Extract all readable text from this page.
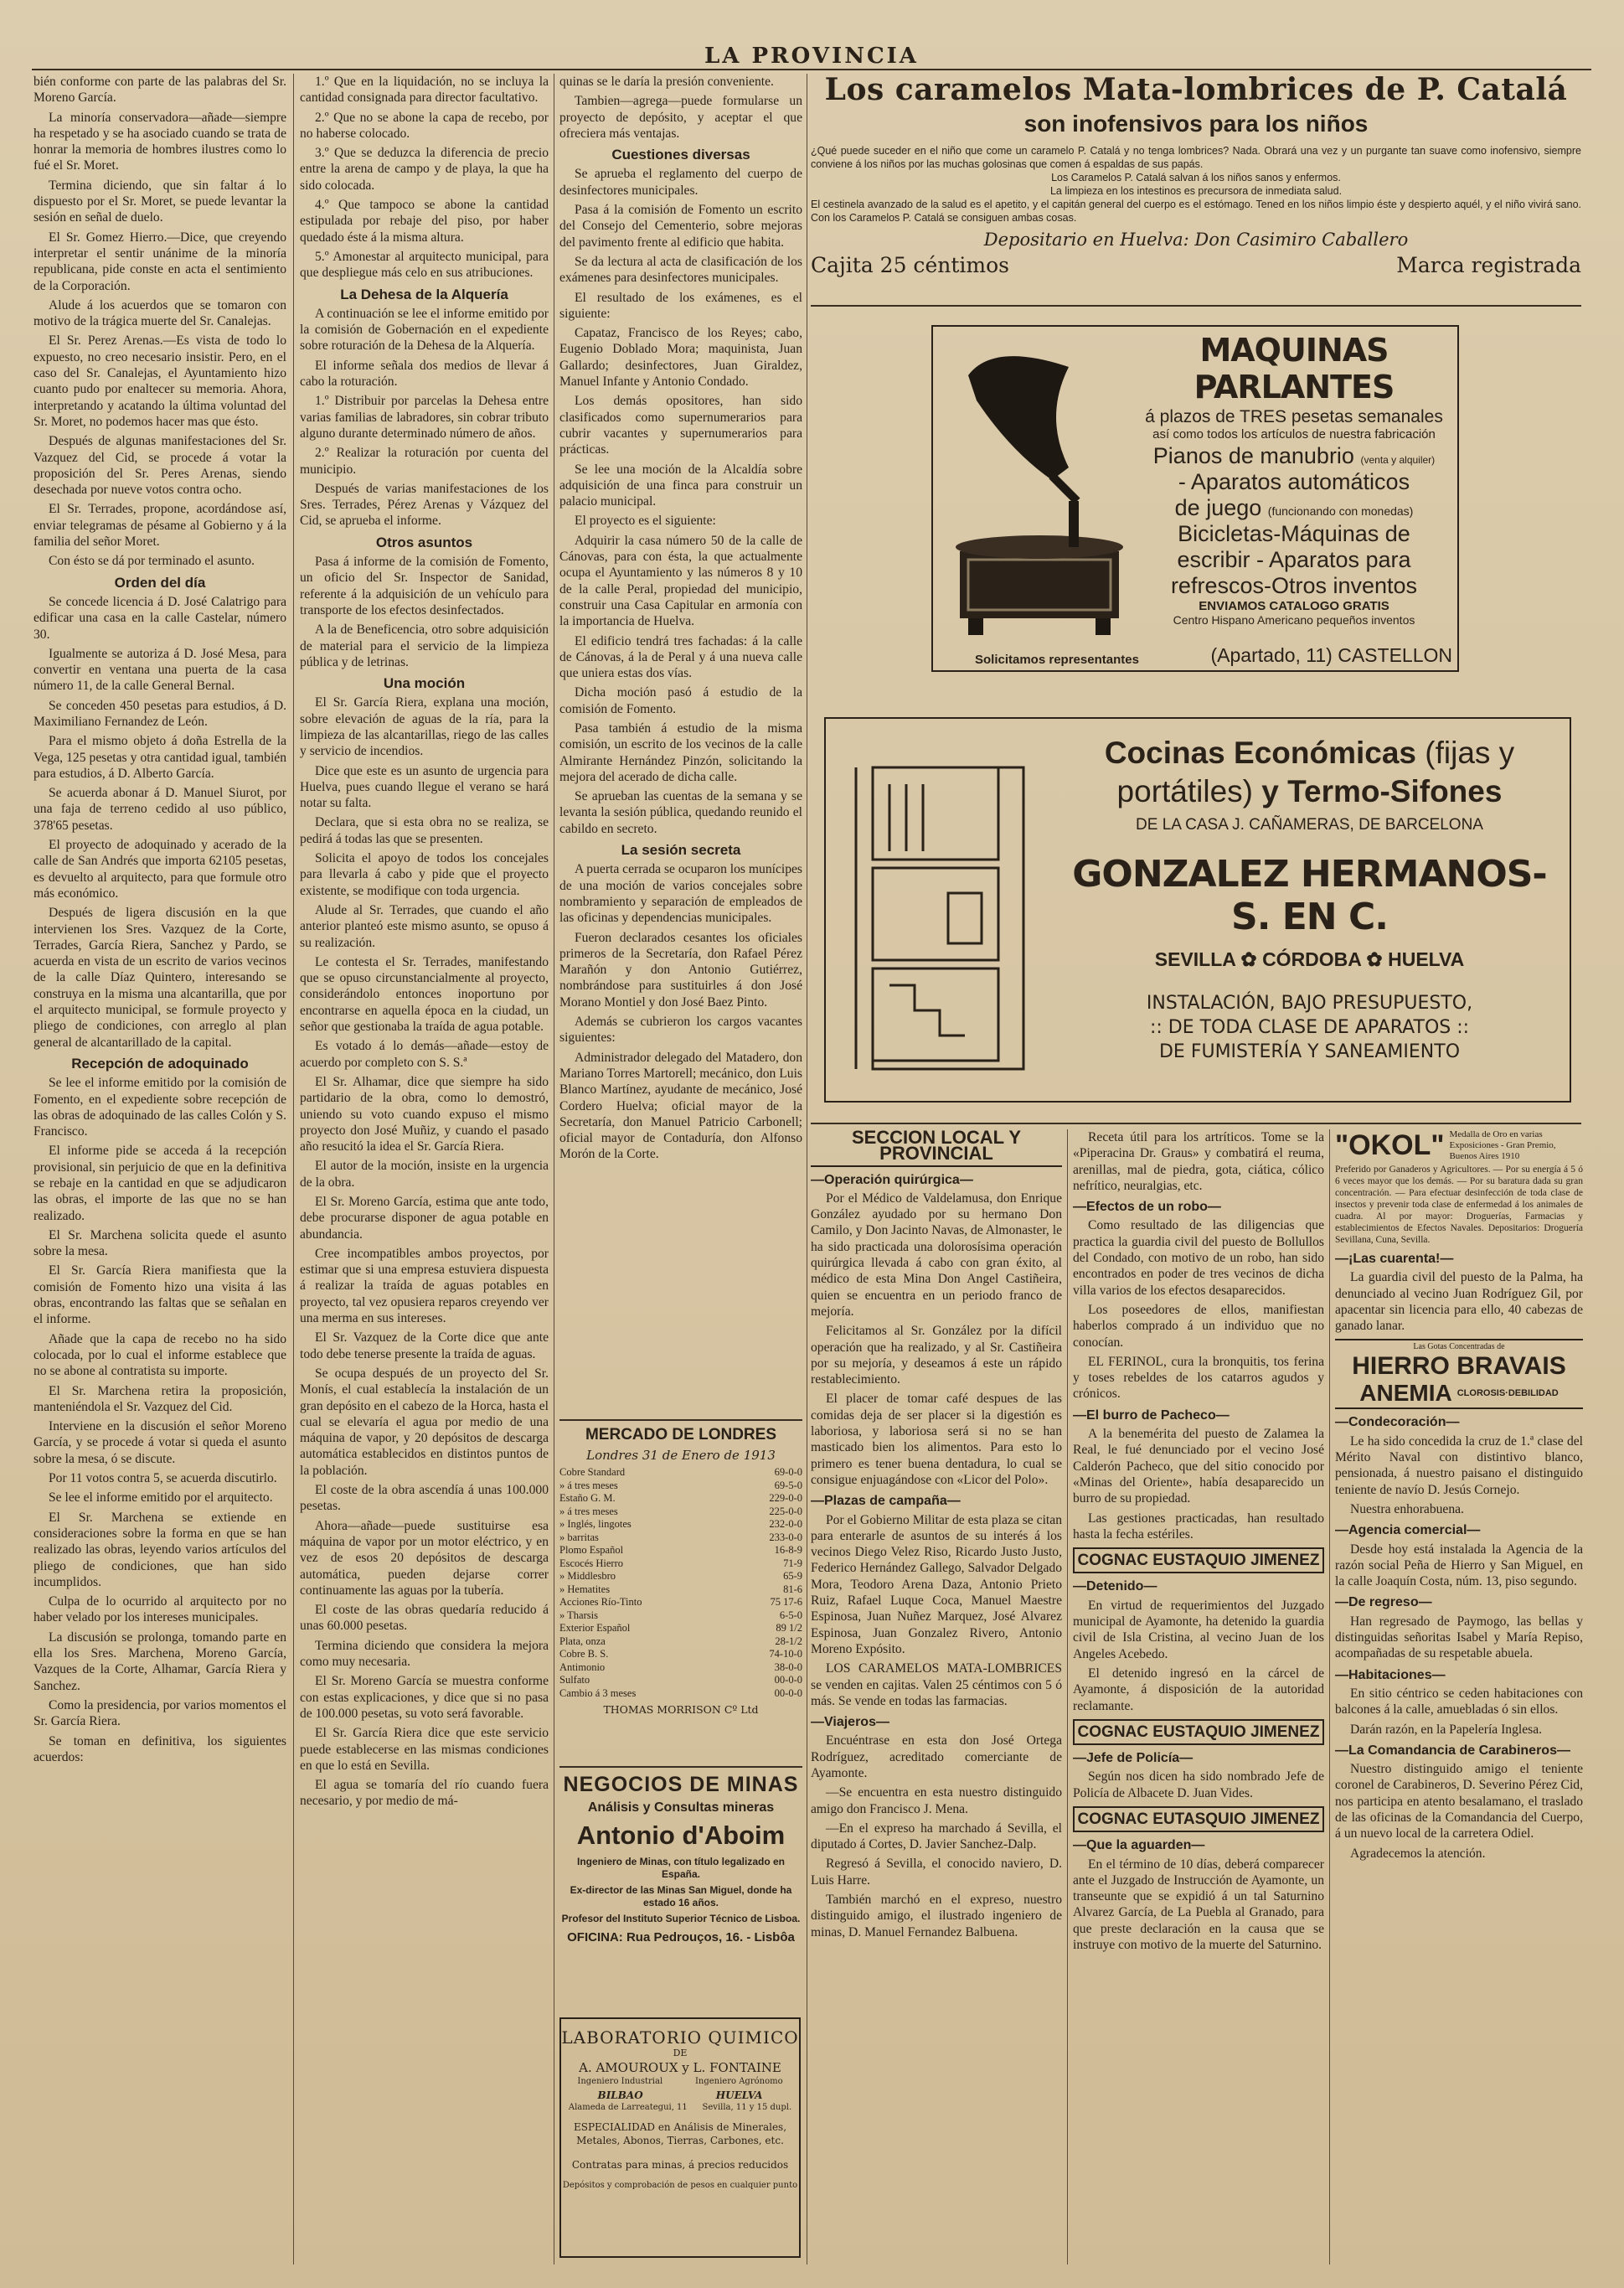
LA PROVINCIA

bién conforme con parte de las palabras del Sr. Moreno García.

La minoría conservadora—añade—siempre ha respetado y se ha asociado cuando se trata de honrar la memoria de hombres ilustres como lo fué el Sr. Moret.

Termina diciendo, que sin faltar á lo dispuesto por el Sr. Moret, se puede levantar la sesión en señal de duelo.

El Sr. Gomez Hierro.—Dice, que creyendo interpretar el sentir unánime de la minoría republicana, pide conste en acta el sentimiento de la Corporación.

Alude á los acuerdos que se tomaron con motivo de la trágica muerte del Sr. Canalejas.

El Sr. Perez Arenas.—Es vista de todo lo expuesto, no creo necesario insistir. Pero, en el caso del Sr. Canalejas, el Ayuntamiento hizo cuanto pudo por enaltecer su memoria. Ahora, interpretando y acatando la última voluntad del Sr. Moret, no podemos hacer mas que ésto.

Después de algunas manifestaciones del Sr. Vazquez del Cid, se procede á votar la proposición del Sr. Peres Arenas, siendo desechada por nueve votos contra ocho.

El Sr. Terrades, propone, acordándose así, enviar telegramas de pésame al Gobierno y á la familia del señor Moret.

Con ésto se dá por terminado el asunto.

Orden del día

Se concede licencia á D. José Calatrigo para edificar una casa en la calle Castelar, número 30.

Igualmente se autoriza á D. José Mesa, para convertir en ventana una puerta de la casa número 11, de la calle General Bernal.

Se conceden 450 pesetas para estudios, á D. Maximiliano Fernandez de León.

Para el mismo objeto á doña Estrella de la Vega, 125 pesetas y otra cantidad igual, también para estudios, á D. Alberto García.

Se acuerda abonar á D. Manuel Siurot, por una faja de terreno cedido al uso público, 378'65 pesetas.

El proyecto de adoquinado y acerado de la calle de San Andrés que importa 62105 pesetas, es devuelto al arquitecto, para que formule otro más económico.

Después de ligera discusión en la que intervienen los Sres. Vazquez de la Corte, Terrades, García Riera, Sanchez y Pardo, se acuerda en vista de un escrito de varios vecinos de la calle Díaz Quintero, interesando se construya en la misma una alcantarilla, que por el arquitecto municipal, se formule proyecto y pliego de condiciones, con arreglo al plan general de alcantarillado de la capital.

Recepción de adoquinado

Se lee el informe emitido por la comisión de Fomento, en el expediente sobre recepción de las obras de adoquinado de las calles Colón y S. Francisco.

El informe pide se acceda á la recepción provisional, sin perjuicio de que en la definitiva se rebaje en la cantidad en que se adjudicaron las obras, el importe de las que no se han realizado.

El Sr. Marchena solicita quede el asunto sobre la mesa.

El Sr. García Riera manifiesta que la comisión de Fomento hizo una visita á las obras, encontrando las faltas que se señalan en el informe.

Añade que la capa de recebo no ha sido colocada, por lo cual el informe establece que no se abone al contratista su importe.

El Sr. Marchena retira la proposición, manteniéndola el Sr. Vazquez del Cid.

Interviene en la discusión el señor Moreno García, y se procede á votar si queda el asunto sobre la mesa, ó se discute.

Por 11 votos contra 5, se acuerda discutirlo.

Se lee el informe emitido por el arquitecto.

El Sr. Marchena se extiende en consideraciones sobre la forma en que se han realizado las obras, leyendo varios artículos del pliego de condiciones, que han sido incumplidos.

Culpa de lo ocurrido al arquitecto por no haber velado por los intereses municipales.

La discusión se prolonga, tomando parte en ella los Sres. Marchena, Moreno García, Vazques de la Corte, Alhamar, García Riera y Sanchez.

Como la presidencia, por varios momentos el Sr. García Riera.

Se toman en definitiva, los siguientes acuerdos:

1.º Que en la liquidación, no se incluya la cantidad consignada para director facultativo.

2.º Que no se abone la capa de recebo, por no haberse colocado.

3.º Que se deduzca la diferencia de precio entre la arena de campo y de playa, la que ha sido colocada.

4.º Que tampoco se abone la cantidad estipulada por rebaje del piso, por haber quedado éste á la misma altura.

5.º Amonestar al arquitecto municipal, para que despliegue más celo en sus atribuciones.

La Dehesa de la Alquería

A continuación se lee el informe emitido por la comisión de Gobernación en el expediente sobre roturación de la Dehesa de la Alquería.

El informe señala dos medios de llevar á cabo la roturación.

1.º Distribuir por parcelas la Dehesa entre varias familias de labradores, sin cobrar tributo alguno durante determinado número de años.

2.º Realizar la roturación por cuenta del municipio.

Después de varias manifestaciones de los Sres. Terrades, Pérez Arenas y Vázquez del Cid, se aprueba el informe.

Otros asuntos

Pasa á informe de la comisión de Fomento, un oficio del Sr. Inspector de Sanidad, referente á la adquisición de un vehículo para transporte de los efectos desinfectados.

A la de Beneficencia, otro sobre adquisición de material para el servicio de la limpieza pública y de letrinas.

Una moción

El Sr. García Riera, explana una moción, sobre elevación de aguas de la ría, para la limpieza de las alcantarillas, riego de las calles y servicio de incendios.

Dice que este es un asunto de urgencia para Huelva, pues cuando llegue el verano se hará notar su falta.

Declara, que si esta obra no se realiza, se pedirá á todas las que se presenten.

Solicita el apoyo de todos los concejales para llevarla á cabo y pide que el proyecto existente, se modifique con toda urgencia.

Alude al Sr. Terrades, que cuando el año anterior planteó este mismo asunto, se opuso á su realización.

Le contesta el Sr. Terrades, manifestando que se opuso circunstancialmente al proyecto, considerándolo entonces inoportuno por encontrarse en aquella época en la ciudad, un señor que gestionaba la traída de agua potable.

Es votado á lo demás—añade—estoy de acuerdo por completo con S. S.ª

El Sr. Alhamar, dice que siempre ha sido partidario de la obra, como lo demostró, uniendo su voto cuando expuso el mismo proyecto don José Muñiz, y cuando el pasado año resucitó la idea el Sr. García Riera.

El autor de la moción, insiste en la urgencia de la obra.

El Sr. Moreno García, estima que ante todo, debe procurarse disponer de agua potable en abundancia.

Cree incompatibles ambos proyectos, por estimar que si una empresa estuviera dispuesta á realizar la traída de aguas potables en proyecto, tal vez opusiera reparos creyendo ver una merma en sus intereses.

El Sr. Vazquez de la Corte dice que ante todo debe tenerse presente la traída de aguas.

Se ocupa después de un proyecto del Sr. Monís, el cual establecía la instalación de un gran depósito en el cabezo de la Horca, hasta el cual se elevaría el agua por medio de una máquina de vapor, y 20 depósitos de descarga automática establecidos en distintos puntos de la población.

El coste de la obra ascendía á unas 100.000 pesetas.

Ahora—añade—puede sustituirse esa máquina de vapor por un motor eléctrico, y en vez de esos 20 depósitos de descarga automática, pueden dejarse correr continuamente las aguas por la tubería.

El coste de las obras quedaría reducido á unas 60.000 pesetas.

Termina diciendo que considera la mejora como muy necesaria.

El Sr. Moreno García se muestra conforme con estas explicaciones, y dice que si no pasa de 100.000 pesetas, su voto será favorable.

El Sr. García Riera dice que este servicio puede establecerse en las mismas condiciones en que lo está en Sevilla.

El agua se tomaría del río cuando fuera necesario, y por medio de má-

quinas se le daría la presión conveniente.

Tambien—agrega—puede formularse un proyecto de depósito, y aceptar el que ofreciera más ventajas.

Cuestiones diversas

Se aprueba el reglamento del cuerpo de desinfectores municipales.

Pasa á la comisión de Fomento un escrito del Consejo del Cementerio, sobre mejoras del pavimento frente al edificio que habita.

Se da lectura al acta de clasificación de los exámenes para desinfectores municipales.

El resultado de los exámenes, es el siguiente:

Capataz, Francisco de los Reyes; cabo, Eugenio Doblado Mora; maquinista, Juan Gallardo; desinfectores, Juan Giraldez, Manuel Infante y Antonio Condado.

Los demás opositores, han sido clasificados como supernumerarios para cubrir vacantes y supernumerarios para prácticas.

Se lee una moción de la Alcaldía sobre adquisición de una finca para construir un palacio municipal.

El proyecto es el siguiente:

Adquirir la casa número 50 de la calle de Cánovas, para con ésta, la que actualmente ocupa el Ayuntamiento y las números 8 y 10 de la calle Peral, propiedad del municipio, construir una Casa Capitular en armonía con la importancia de Huelva.

El edificio tendrá tres fachadas: á la calle de Cánovas, á la de Peral y á una nueva calle que uniera estas dos vías.

Dicha moción pasó á estudio de la comisión de Fomento.

Pasa también á estudio de la misma comisión, un escrito de los vecinos de la calle Almirante Hernández Pinzón, solicitando la mejora del acerado de dicha calle.

Se aprueban las cuentas de la semana y se levanta la sesión pública, quedando reunido el cabildo en secreto.

La sesión secreta

A puerta cerrada se ocuparon los munícipes de una moción de varios concejales sobre nombramiento y separación de empleados de las oficinas y dependencias municipales.

Fueron declarados cesantes los oficiales primeros de la Secretaría, don Rafael Pérez Marañón y don Antonio Gutiérrez, nombrándose para sustituirles á don José Morano Montiel y don José Baez Pinto.

Además se cubrieron los cargos vacantes siguientes:

Administrador delegado del Matadero, don Mariano Torres Martorell; mecánico, don Luis Blanco Martínez, ayudante de mecánico, José Cordero Huelva; oficial mayor de la Secretaría, don Manuel Patricio Carbonell; oficial mayor de Contaduría, don Alfonso Morón de la Corte.

MERCADO DE LONDRES
Londres 31 de Enero de 1913
Cobre Standard	69-0-0
» á tres meses	69-5-0
Estaño G. M.	229-0-0
» á tres meses	225-0-0
» Inglés, lingotes	232-0-0
» barritas	233-0-0
Plomo Español	16-8-9
Escocés Hierro	71-9
» Middlesbro	65-9
» Hematites	81-6
Acciones Río-Tinto	75 17-6
» Tharsis	6-5-0
Exterior Español	89 1/2
Plata, onza	28-1/2
Cobre B. S.	74-10-0
Antimonio	38-0-0
Sulfato	00-0-0
Cambio á 3 meses	00-0-0
THOMAS MORRISON Cº Ltd
NEGOCIOS DE MINAS
Análisis y Consultas mineras
Antonio d'Aboim
Ingeniero de Minas, con título legalizado en España.
Ex-director de las Minas San Miguel, donde ha estado 16 años.
Profesor del Instituto Superior Técnico de Lisboa.
OFICINA: Rua Pedrouços, 16. - Lisbôa
LABORATORIO QUIMICO
DE
A. AMOUROUX y L. FONTAINE
Ingeniero Industrial	Ingeniero Agrónomo
BILBAO	HUELVA
Alameda de Larreategui, 11 Sevilla, 11 y 15 dupl.
ESPECIALIDAD en Análisis de Minerales, Metales, Abonos, Tierras, Carbones, etc.
Contratas para minas, á precios reducidos
Depósitos y comprobación de pesos en cualquier punto
Los caramelos Mata-lombrices de P. Catalá
son inofensivos para los niños
¿Qué puede suceder en el niño que come un caramelo P. Catalá y no tenga lombrices? Nada. Obrará una vez y un purgante tan suave como inofensivo, siempre conviene á los niños por las muchas golosinas que comen á espaldas de sus papás.
Los Caramelos P. Catalá salvan á los niños sanos y enfermos.
La limpieza en los intestinos es precursora de inmediata salud.
El cestinela avanzado de la salud es el apetito, y el capitán general del cuerpo es el estómago. Tened en los niños limpio éste y despierto aquél, y el niño vivirá sano. Con los Caramelos P. Catalá se consiguen ambas cosas.
Depositario en Huelva: Don Casimiro Caballero
Cajita 25 céntimos	Marca registrada
MAQUINAS PARLANTES
á plazos de TRES pesetas semanales
así como todos los artículos de nuestra fabricación
Pianos de manubrio (venta y alquiler)
- Aparatos automáticos
de juego (funcionando con monedas)
Bicicletas-Máquinas de
escribir - Aparatos para
refrescos-Otros inventos
ENVIAMOS CATALOGO GRATIS
Centro Hispano Americano pequeños inventos
Solicitamos representantes	(Apartado, 11) CASTELLON
Cocinas Económicas (fijas y
portátiles) y Termo-Sifones
DE LA CASA J. CAÑAMERAS, DE BARCELONA
GONZALEZ HERMANOS-S. EN C.
SEVILLA ✿ CÓRDOBA ✿ HUELVA
INSTALACIÓN, BAJO PRESUPUESTO,
:: DE TODA CLASE DE APARATOS ::
DE FUMISTERÍA Y SANEAMIENTO
SECCION LOCAL Y PROVINCIAL
—Operación quirúrgica—

Por el Médico de Valdelamusa, don Enrique González ayudado por su hermano Don Camilo, y Don Jacinto Navas, de Almonaster, le ha sido practicada una dolorosísima operación quirúrgica llevada á cabo con gran éxito, al médico de esta Mina Don Angel Castiñeira, quien se encuentra en un periodo franco de mejoría.

Felicitamos al Sr. González por la difícil operación que ha realizado, y al Sr. Castiñeira por su mejoría, y deseamos á este un rápido restablecimiento.

El placer de tomar café despues de las comidas deja de ser placer si la digestión es laboriosa, y laboriosa será si no se han masticado bien los alimentos. Para esto lo primero es tener buena dentadura, lo cual se consigue enjuagándose con «Licor del Polo».

—Plazas de campaña—

Por el Gobierno Militar de esta plaza se citan para enterarle de asuntos de su interés á los vecinos Diego Velez Riso, Ricardo Justo Justo, Federico Hernández Gallego, Salvador Delgado Mora, Teodoro Arena Daza, Antonio Prieto Ruiz, Rafael Luque Coca, Manuel Maestre Espinosa, Juan Nuñez Marquez, José Alvarez Espinosa, Juan Gonzalez Rivero, Antonio Moreno Expósito.

LOS CARAMELOS MATA-LOMBRICES se venden en cajitas. Valen 25 céntimos con 5 ó más. Se vende en todas las farmacias.

—Viajeros—

Encuéntrase en esta don José Ortega Rodríguez, acreditado comerciante de Ayamonte.

—Se encuentra en esta nuestro distinguido amigo don Francisco J. Mena.

—En el expreso ha marchado á Sevilla, el diputado á Cortes, D. Javier Sanchez-Dalp.

Regresó á Sevilla, el conocido naviero, D. Luis Harre.

También marchó en el expreso, nuestro distinguido amigo, el ilustrado ingeniero de minas, D. Manuel Fernandez Balbuena.

Receta útil para los artríticos. Tome se la «Piperacina Dr. Graus» y combatirá el reuma, arenillas, mal de piedra, gota, ciática, cólico nefrítico, neuralgias, etc.

—Efectos de un robo—

Como resultado de las diligencias que practica la guardia civil del puesto de Bollullos del Condado, con motivo de un robo, han sido encontrados en poder de tres vecinos de dicha villa varios de los efectos desaparecidos.

Los poseedores de ellos, manifiestan haberlos comprado á un individuo que no conocían.

EL FERINOL, cura la bronquitis, tos ferina y toses rebeldes de los catarros agudos y crónicos.

—El burro de Pacheco—

A la benemérita del puesto de Zalamea la Real, le fué denunciado por el vecino José Calderón Pacheco, que del sitio conocido por «Minas del Oriente», había desaparecido un burro de su propiedad.

Las gestiones practicadas, han resultado hasta la fecha estériles.

COGNAC EUSTAQUIO JIMENEZ
—Detenido—

En virtud de requerimientos del Juzgado municipal de Ayamonte, ha detenido la guardia civil de Isla Cristina, al vecino Juan de los Angeles Acebedo.

El detenido ingresó en la cárcel de Ayamonte, á disposición de la autoridad reclamante.

COGNAC EUSTAQUIO JIMENEZ
—Jefe de Policía—

Según nos dicen ha sido nombrado Jefe de Policía de Albacete D. Juan Vides.

COGNAC EUTASQUIO JIMENEZ
—Que la aguarden—

En el término de 10 días, deberá comparecer ante el Juzgado de Instrucción de Ayamonte, un transeunte que se expidió á un tal Saturnino Alvarez García, de La Puebla al Granado, para que preste declaración en la causa que se instruye con motivo de la muerte del Saturnino.

"OKOL" Medalla de Oro en varias Exposiciones - Gran Premio, Buenos Aires 1910
Preferido por Ganaderos y Agricultores. — Por su energía á 5 ó 6 veces mayor que los demás. — Por su baratura dada su gran concentración. — Para efectuar desinfección de toda clase de insectos y prevenir toda clase de enfermedad á los animales de cuadra. Al por mayor: Droguerías, Farmacias y establecimientos de Efectos Navales. Depositarios: Droguería Sevillana, Cuna, Sevilla.
—¡Las cuarenta!—

La guardia civil del puesto de la Palma, ha denunciado al vecino Juan Rodríguez Gil, por apacentar sin licencia para ello, 40 cabezas de ganado lanar.

Las Gotas Concentradas de
HIERRO BRAVAIS
ANEMIA CLOROSIS·DEBILIDAD
—Condecoración—

Le ha sido concedida la cruz de 1.ª clase del Mérito Naval con distintivo blanco, pensionada, á nuestro paisano el distinguido teniente de navío D. Jesús Cornejo.

Nuestra enhorabuena.

—Agencia comercial—

Desde hoy está instalada la Agencia de la razón social Peña de Hierro y San Miguel, en la calle Joaquín Costa, núm. 13, piso segundo.

—De regreso—

Han regresado de Paymogo, las bellas y distinguidas señoritas Isabel y María Repiso, acompañadas de su respetable abuela.

—Habitaciones—

En sitio céntrico se ceden habitaciones con balcones á la calle, amuebladas ó sin ellos.

Darán razón, en la Papelería Inglesa.

—La Comandancia de Carabineros—

Nuestro distinguido amigo el teniente coronel de Carabineros, D. Severino Pérez Cid, nos participa en atento besalamano, el traslado de las oficinas de la Comandancia del Cuerpo, á un nuevo local de la carretera Odiel.

Agradecemos la atención.
